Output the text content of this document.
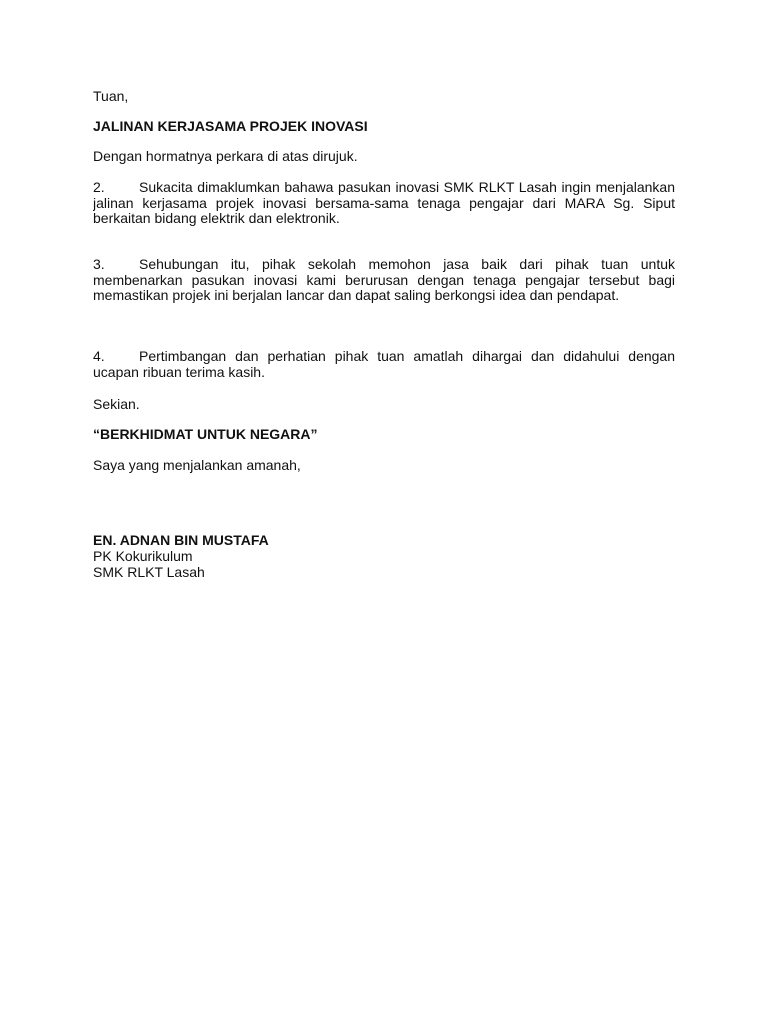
Tuan,
JALINAN KERJASAMA PROJEK INOVASI
Dengan hormatnya perkara di atas dirujuk.
2. Sukacita dimaklumkan bahawa pasukan inovasi SMK RLKT Lasah ingin menjalankan
jalinan kerjasama projek inovasi bersama-sama tenaga pengajar dari MARA Sg. Siput
berkaitan bidang elektrik dan elektronik.
3. Sehubungan itu, pihak sekolah memohon jasa baik dari pihak tuan untuk
membenarkan pasukan inovasi kami berurusan dengan tenaga pengajar tersebut bagi
memastikan projek ini berjalan lancar dan dapat saling berkongsi idea dan pendapat.
4. Pertimbangan dan perhatian pihak tuan amatlah dihargai dan didahului dengan
ucapan ribuan terima kasih.
Sekian.
“BERKHIDMAT UNTUK NEGARA”
Saya yang menjalankan amanah,
EN. ADNAN BIN MUSTAFA
PK Kokurikulum
SMK RLKT Lasah
